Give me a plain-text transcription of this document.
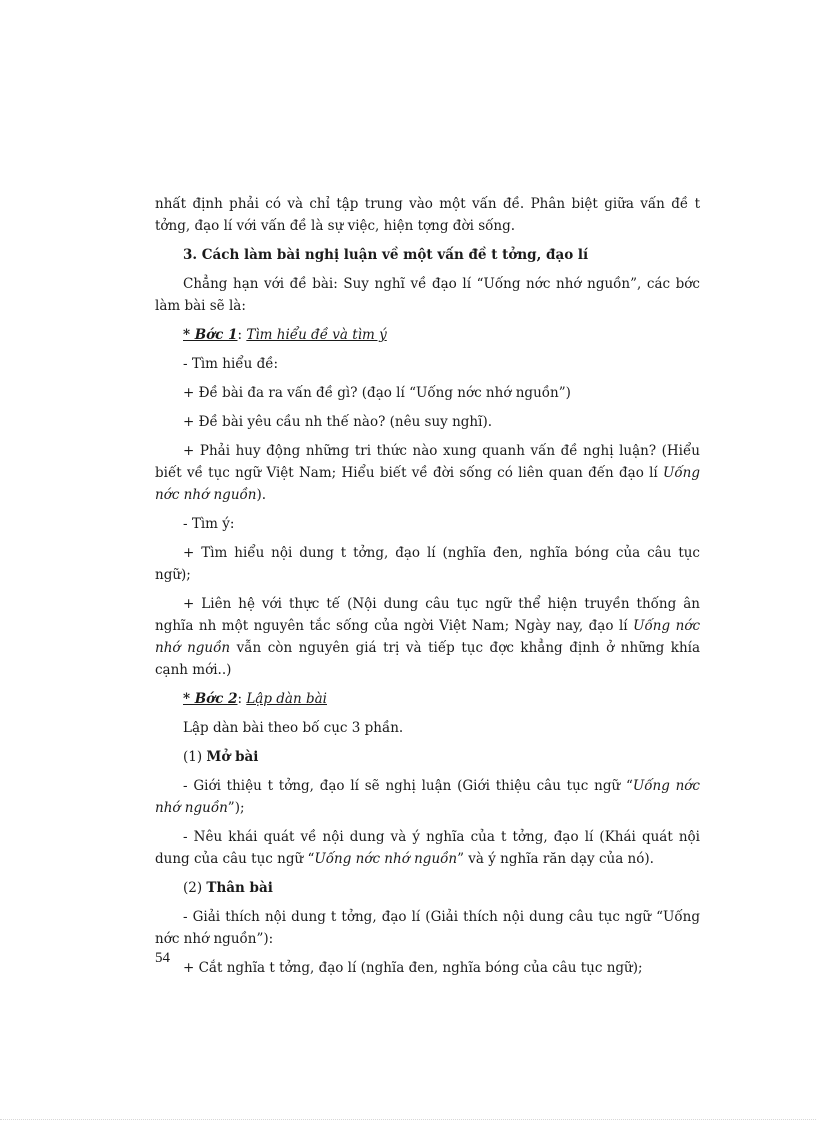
nhất định phải có và chỉ tập trung vào một vấn đề. Phân biệt giữa vấn đề t tởng, đạo lí với vấn đề là sự việc, hiện tợng đời sống.

3. Cách làm bài nghị luận về một vấn đề t tởng, đạo lí

Chẳng hạn với đề bài: Suy nghĩ về đạo lí “Uống nớc nhớ nguồn”, các bớc làm bài sẽ là:

* Bớc 1: Tìm hiểu đề và tìm ý

- Tìm hiểu đề:

+ Đề bài đa ra vấn đề gì? (đạo lí “Uống nớc nhớ nguồn”)

+ Đề bài yêu cầu nh thế nào? (nêu suy nghĩ).

+ Phải huy động những tri thức nào xung quanh vấn đề nghị luận? (Hiểu biết về tục ngữ Việt Nam; Hiểu biết về đời sống có liên quan đến đạo lí Uống nớc nhớ nguồn).

- Tìm ý:

+ Tìm hiểu nội dung t tởng, đạo lí (nghĩa đen, nghĩa bóng của câu tục ngữ);

+ Liên hệ với thực tế (Nội dung câu tục ngữ thể hiện truyền thống ân nghĩa nh một nguyên tắc sống của ngời Việt Nam; Ngày nay, đạo lí Uống nớc nhớ nguồn vẫn còn nguyên giá trị và tiếp tục đợc khẳng định ở những khía cạnh mới..)

* Bớc 2: Lập dàn bài

Lập dàn bài theo bố cục 3 phần.

(1) Mở bài

- Giới thiệu t tởng, đạo lí sẽ nghị luận (Giới thiệu câu tục ngữ “Uống nớc nhớ nguồn”);

- Nêu khái quát về nội dung và ý nghĩa của t tởng, đạo lí (Khái quát nội dung của câu tục ngữ “Uống nớc nhớ nguồn” và ý nghĩa răn dạy của nó).

(2) Thân bài

- Giải thích nội dung t tởng, đạo lí (Giải thích nội dung câu tục ngữ “Uống nớc nhớ nguồn”):

+ Cắt nghĩa t tởng, đạo lí (nghĩa đen, nghĩa bóng của câu tục ngữ);

54
